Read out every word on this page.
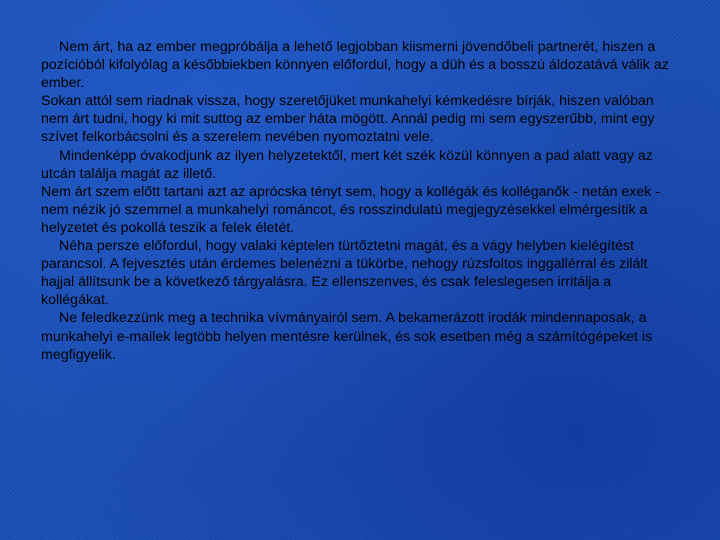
Nem árt, ha az ember megpróbálja a lehető legjobban kiismerni jövendőbeli partnerét, hiszen a pozícióból kifolyólag a későbbiekben könnyen előfordul, hogy a düh és a bosszú áldozatává válik az ember.

Sokan attól sem riadnak vissza, hogy szeretőjüket munkahelyi kémkedésre bírják, hiszen valóban nem árt tudni, hogy ki mit suttog az ember háta mögött. Annál pedig mi sem egyszerűbb, mint egy szívet felkorbácsolni és a szerelem nevében nyomoztatni vele.

Mindenképp óvakodjunk az ilyen helyzetektől, mert két szék közül könnyen a pad alatt vagy az utcán találja magát az illető.

Nem árt szem előtt tartani azt az aprócska tényt sem, hogy a kollégák és kolléganők - netán exek - nem nézik jó szemmel a munkahelyi románcot, és rosszindulatú megjegyzésekkel elmérgesítik a helyzetet és pokollá teszik a felek életét.

Néha persze előfordul, hogy valaki képtelen türtőztetni magát, és a vágy helyben kielégítést parancsol. A fejvesztés után érdemes belenézni a tükörbe, nehogy rúzsfoltos inggallérral és zilált hajjal állítsunk be a következő tárgyalásra. Ez ellenszenves, és csak feleslegesen irritálja a kollégákat.

Ne feledkezzünk meg a technika vívmányairól sem. A bekamerázott irodák mindennaposak, a munkahelyi e-mailek legtöbb helyen mentésre kerülnek, és sok esetben még a számítógépeket is megfigyelik.
